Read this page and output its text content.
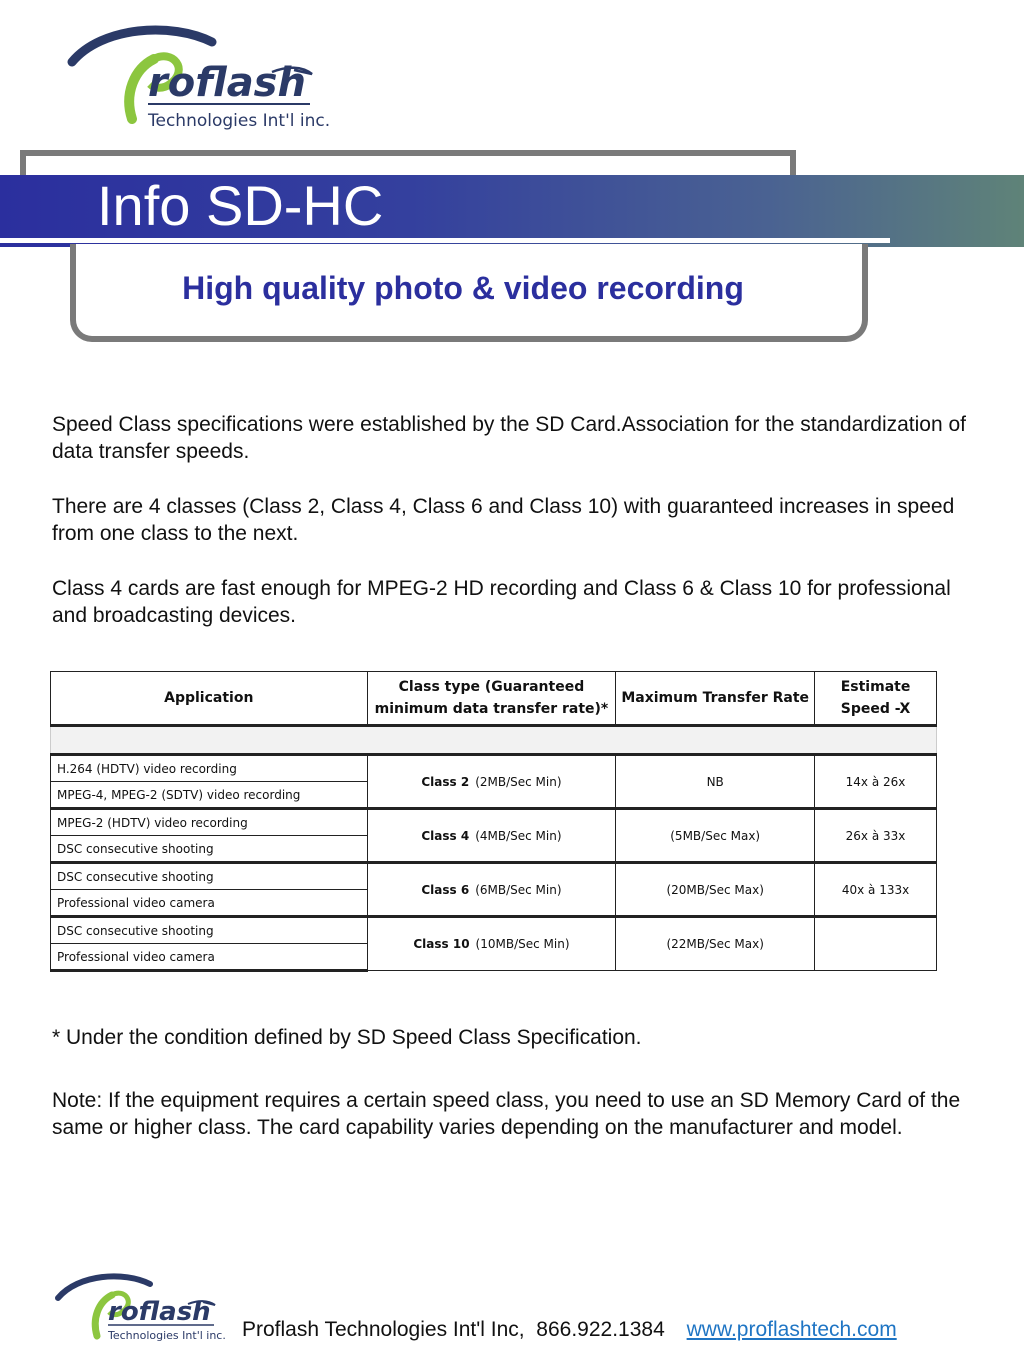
roflash
Technologies Int'l inc.
Info SD-HC
High quality photo & video recording

Speed Class specifications were established by the SD Card.Association for the standardization of data transfer speeds.

There are 4 classes (Class 2, Class 4, Class 6 and Class 10) with guaranteed increases in speed from one class to the next.

Class 4 cards are fast enough for MPEG-2 HD recording and Class 6 & Class 10 for professional and broadcasting devices.

Application	Class type (Guaranteed minimum data transfer rate)*	Maximum Transfer Rate	Estimate Speed -X

H.264 (HDTV) video recording	Class 2 (2MB/Sec Min)	NB	14x à 26x
MPEG-4, MPEG-2 (SDTV) video recording			
MPEG-2 (HDTV) video recording	Class 4 (4MB/Sec Min)	(5MB/Sec Max)	26x à 33x
DSC consecutive shooting			
DSC consecutive shooting	Class 6 (6MB/Sec Min)	(20MB/Sec Max)	40x à 133x
Professional video camera			
DSC consecutive shooting	Class 10 (10MB/Sec Min)	(22MB/Sec Max)	
Professional video camera			

* Under the condition defined by SD Speed Class Specification.

Note: If the equipment requires a certain speed class, you need to use an SD Memory Card of the same or higher class. The card capability varies depending on the manufacturer and model.

roflash
Technologies Int'l inc. Proflash Technologies Int'l Inc, 866.922.1384 www.proflashtech.com
